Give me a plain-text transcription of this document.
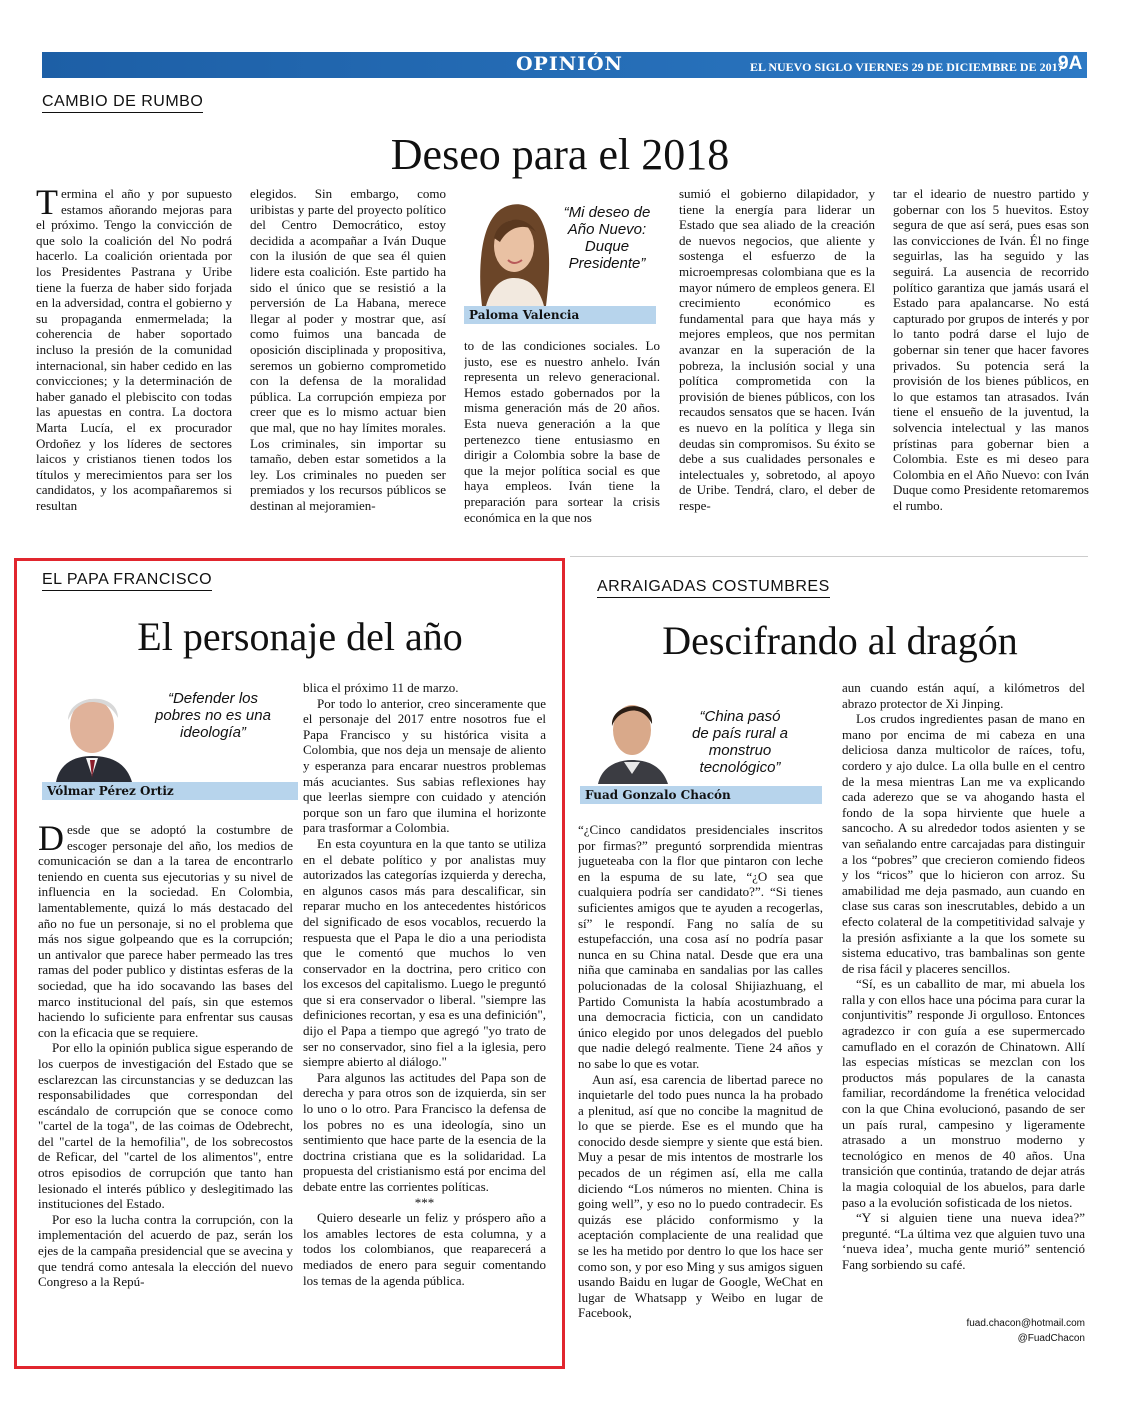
OPINIÓN	EL NUEVO SIGLO VIERNES 29 DE DICIEMBRE DE 2017
9A
CAMBIO DE RUMBO
Deseo para el 2018
Termina el año y por supuesto estamos añorando mejoras para el próximo. Tengo la convicción de que solo la coalición del No podrá hacerlo. La coalición orientada por los Presidentes Pastrana y Uribe tiene la fuerza de haber sido forjada en la adversidad, contra el gobierno y su propaganda enmermelada; la coherencia de haber soportado incluso la presión de la comunidad internacional, sin haber cedido en las convicciones; y la determinación de haber ganado el plebiscito con todas las apuestas en contra. La doctora Marta Lucía, el ex procurador Ordoñez y los líderes de sectores laicos y cristianos tienen todos los títulos y merecimientos para ser los candidatos, y los acompañaremos si resultan
elegidos. Sin embargo, como uribistas y parte del proyecto político del Centro Democrático, estoy decidida a acompañar a Iván Duque con la ilusión de que sea él quien lidere esta coalición. Este partido ha sido el único que se resistió a la perversión de La Habana, merece llegar al poder y mostrar que, así como fuimos una bancada de oposición disciplinada y propositiva, seremos un gobierno comprometido con la defensa de la moralidad pública. La corrupción empieza por creer que es lo mismo actuar bien que mal, que no hay límites morales. Los criminales, sin importar su tamaño, deben estar sometidos a la ley. Los criminales no pueden ser premiados y los recursos públicos se destinan al mejoramien-
“Mi deseo de Año Nuevo: Duque Presidente”
Paloma Valencia
to de las condiciones sociales. Lo justo, ese es nuestro anhelo. Iván representa un relevo generacional. Hemos estado gobernados por la misma generación más de 20 años. Esta nueva generación a la que pertenezco tiene entusiasmo en dirigir a Colombia sobre la base de que la mejor política social es que haya empleos. Iván tiene la preparación para sortear la crisis económica en la que nos
sumió el gobierno dilapidador, y tiene la energía para liderar un Estado que sea aliado de la creación de nuevos negocios, que aliente y sostenga el esfuerzo de la microempresas colombiana que es la mayor número de empleos genera. El crecimiento económico es fundamental para que haya más y mejores empleos, que nos permitan avanzar en la superación de la pobreza, la inclusión social y una política comprometida con la provisión de bienes públicos, con los recaudos sensatos que se hacen. Iván es nuevo en la política y llega sin deudas sin compromisos. Su éxito se debe a sus cualidades personales e intelectuales y, sobretodo, al apoyo de Uribe. Tendrá, claro, el deber de respe-
tar el ideario de nuestro partido y gobernar con los 5 huevitos. Estoy segura de que así será, pues esas son las convicciones de Iván. Él no finge seguirlas, las ha seguido y las seguirá. La ausencia de recorrido político garantiza que jamás usará el Estado para apalancarse. No está capturado por grupos de interés y por lo tanto podrá darse el lujo de gobernar sin tener que hacer favores privados. Su potencia será la provisión de los bienes públicos, en lo que estamos tan atrasados. Iván tiene el ensueño de la juventud, la solvencia intelectual y las manos prístinas para gobernar bien a Colombia. Este es mi deseo para Colombia en el Año Nuevo: con Iván Duque como Presidente retomaremos el rumbo.
EL PAPA FRANCISCO
El personaje del año
“Defender los pobres no es una ideología”
Vólmar Pérez Ortiz

Desde que se adoptó la costumbre de escoger personaje del año, los medios de comunicación se dan a la tarea de encontrarlo teniendo en cuenta sus ejecutorias y su nivel de influencia en la sociedad. En Colombia, lamentablemente, quizá lo más destacado del año no fue un personaje, si no el problema que más nos sigue golpeando que es la corrupción; un antivalor que parece haber permeado las tres ramas del poder publico y distintas esferas de la sociedad, que ha ido socavando las bases del marco institucional del país, sin que estemos haciendo lo suficiente para enfrentar sus causas con la eficacia que se requiere.

Por ello la opinión publica sigue esperando de los cuerpos de investigación del Estado que se esclarezcan las circunstancias y se deduzcan las responsabilidades que correspondan del escándalo de corrupción que se conoce como "cartel de la toga", de las coimas de Odebrecht, del "cartel de la hemofilia", de los sobrecostos de Reficar, del "cartel de los alimentos", entre otros episodios de corrupción que tanto han lesionado el interés público y deslegitimado las instituciones del Estado.

Por eso la lucha contra la corrupción, con la implementación del acuerdo de paz, serán los ejes de la campaña presidencial que se avecina y que tendrá como antesala la elección del nuevo Congreso a la Repú-

blica el próximo 11 de marzo.

Por todo lo anterior, creo sinceramente que el personaje del 2017 entre nosotros fue el Papa Francisco y su histórica visita a Colombia, que nos deja un mensaje de aliento y esperanza para encarar nuestros problemas más acuciantes. Sus sabias reflexiones hay que leerlas siempre con cuidado y atención porque son un faro que ilumina el horizonte para trasformar a Colombia.

En esta coyuntura en la que tanto se utiliza en el debate político y por analistas muy autorizados las categorías izquierda y derecha, en algunos casos más para descalificar, sin reparar mucho en los antecedentes históricos del significado de esos vocablos, recuerdo la respuesta que el Papa le dio a una periodista que le comentó que muchos lo ven conservador en la doctrina, pero critico con los excesos del capitalismo. Luego le preguntó que si era conservador o liberal. "siempre las definiciones recortan, y esa es una definición", dijo el Papa a tiempo que agregó "yo trato de ser no conservador, sino fiel a la iglesia, pero siempre abierto al diálogo."

Para algunos las actitudes del Papa son de derecha y para otros son de izquierda, sin ser lo uno o lo otro. Para Francisco la defensa de los pobres no es una ideología, sino un sentimiento que hace parte de la esencia de la doctrina cristiana que es la solidaridad. La propuesta del cristianismo está por encima del debate entre las corrientes políticas.

***

Quiero desearle un feliz y próspero año a los amables lectores de esta columna, y a todos los colombianos, que reaparecerá a mediados de enero para seguir comentando los temas de la agenda pública.

ARRAIGADAS COSTUMBRES
Descifrando al dragón
“China pasó de país rural a monstruo tecnológico”
Fuad Gonzalo Chacón

“¿Cinco candidatos presidenciales inscritos por firmas?” preguntó sorprendida mientras jugueteaba con la flor que pintaron con leche en la espuma de su late, “¿O sea que cualquiera podría ser candidato?”. “Si tienes suficientes amigos que te ayuden a recogerlas, sí” le respondí. Fang no salía de su estupefacción, una cosa así no podría pasar nunca en su China natal. Desde que era una niña que caminaba en sandalias por las calles polucionadas de la colosal Shijiazhuang, el Partido Comunista la había acostumbrado a una democracia ficticia, con un candidato único elegido por unos delegados del pueblo que nadie delegó realmente. Tiene 24 años y no sabe lo que es votar.

Aun así, esa carencia de libertad parece no inquietarle del todo pues nunca la ha probado a plenitud, así que no concibe la magnitud de lo que se pierde. Ese es el mundo que ha conocido desde siempre y siente que está bien. Muy a pesar de mis intentos de mostrarle los pecados de un régimen así, ella me calla diciendo “Los números no mienten. China is going well”, y eso no lo puedo contradecir. Es quizás ese plácido conformismo y la aceptación complaciente de una realidad que se les ha metido por dentro lo que los hace ser como son, y por eso Ming y sus amigos siguen usando Baidu en lugar de Google, WeChat en lugar de Whatsapp y Weibo en lugar de Facebook,

aun cuando están aquí, a kilómetros del abrazo protector de Xi Jinping.

Los crudos ingredientes pasan de mano en mano por encima de mi cabeza en una deliciosa danza multicolor de raíces, tofu, cordero y ajo dulce. La olla bulle en el centro de la mesa mientras Lan me va explicando cada aderezo que se va ahogando hasta el fondo de la sopa hirviente que huele a sancocho. A su alrededor todos asienten y se van señalando entre carcajadas para distinguir a los “pobres” que crecieron comiendo fideos y los “ricos” que lo hicieron con arroz. Su amabilidad me deja pasmado, aun cuando en clase sus caras son inescrutables, debido a un efecto colateral de la competitividad salvaje y la presión asfixiante a la que los somete su sistema educativo, tras bambalinas son gente de risa fácil y placeres sencillos.

“Sí, es un caballito de mar, mi abuela los ralla y con ellos hace una pócima para curar la conjuntivitis” responde Ji orgulloso. Entonces agradezco ir con guía a ese supermercado camuflado en el corazón de Chinatown. Allí las especias místicas se mezclan con los productos más populares de la canasta familiar, recordándome la frenética velocidad con la que China evolucionó, pasando de ser un país rural, campesino y ligeramente atrasado a un monstruo moderno y tecnológico en menos de 40 años. Una transición que continúa, tratando de dejar atrás la magia coloquial de los abuelos, para darle paso a la evolución sofisticada de los nietos.

“Y si alguien tiene una nueva idea?” pregunté. “La última vez que alguien tuvo una ‘nueva idea’, mucha gente murió” sentenció Fang sorbiendo su café.

fuad.chacon@hotmail.com
@FuadChacon
